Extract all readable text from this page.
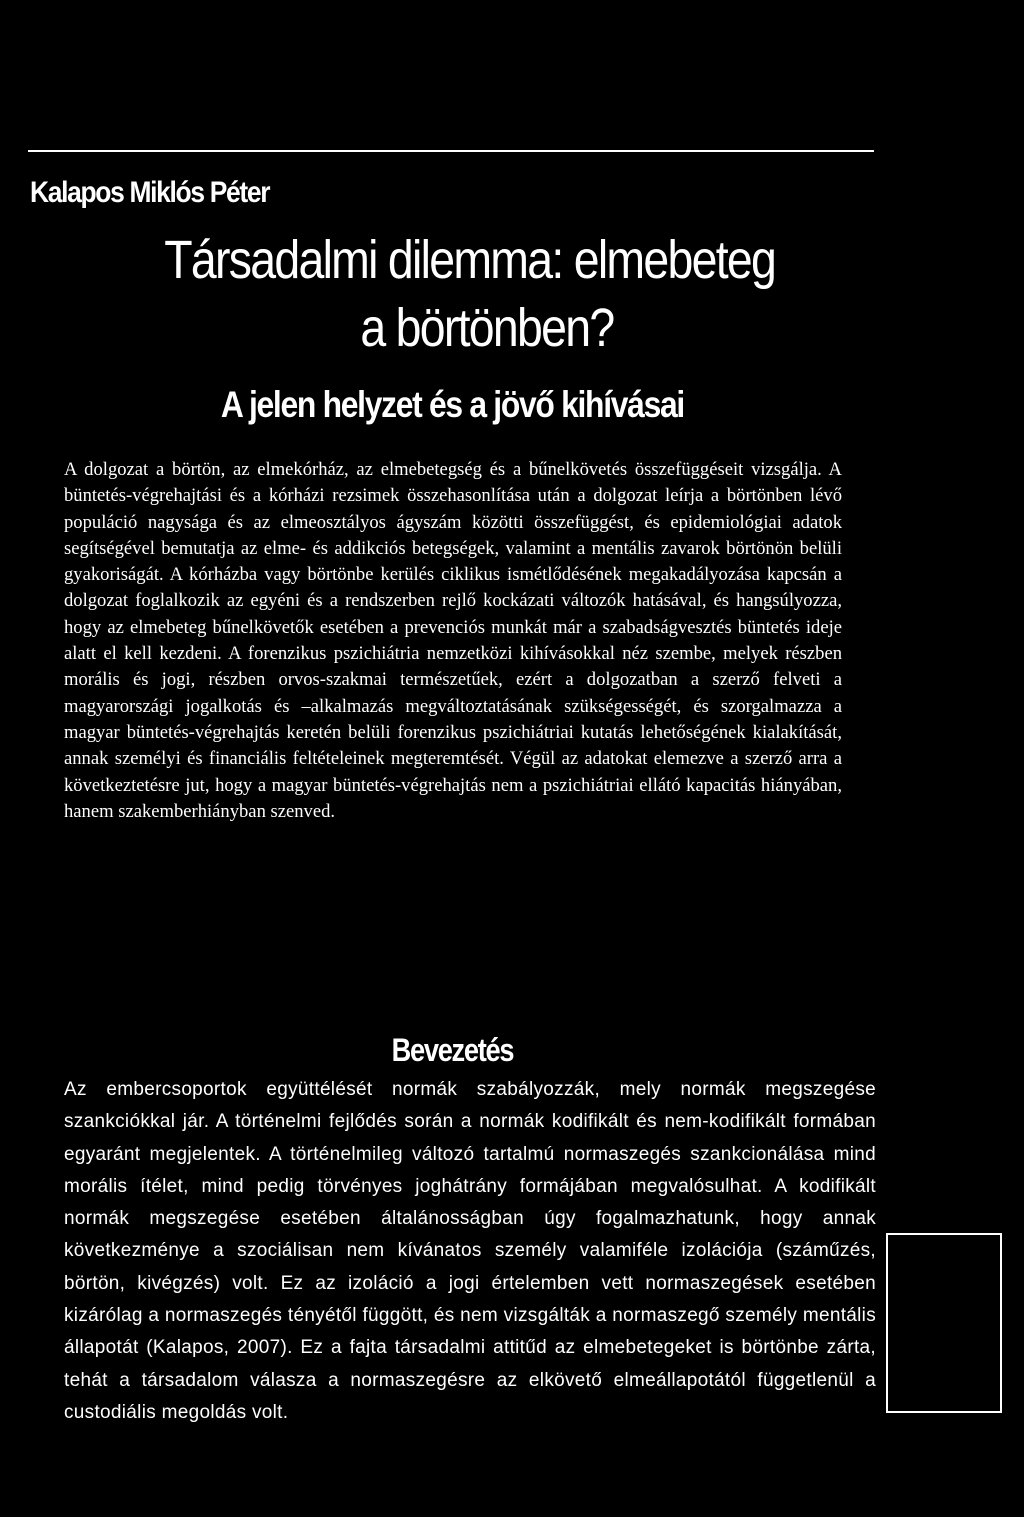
Kalapos Miklós Péter
Társadalmi dilemma: elmebeteg
a börtönben?
A jelen helyzet és a jövő kihívásai

A dolgozat a börtön, az elmekórház, az elmebetegség és a bűnelkövetés összefüggéseit vizsgálja. A büntetés-végrehajtási és a kórházi rezsimek összehasonlítása után a dolgozat leírja a börtönben lévő populáció nagysága és az elmeosztályos ágyszám közötti összefüggést, és epidemiológiai adatok segítségével bemutatja az elme- és addikciós betegségek, valamint a mentális zavarok börtönön belüli gyakoriságát. A kórházba vagy börtönbe kerülés ciklikus ismétlődésének megakadályozása kapcsán a dolgozat foglalkozik az egyéni és a rendszerben rejlő kockázati változók hatásával, és hangsúlyozza, hogy az elmebeteg bűnelkövetők esetében a prevenciós munkát már a szabadságvesztés büntetés ideje alatt el kell kezdeni. A forenzikus pszichiátria nemzetközi kihívásokkal néz szembe, melyek részben morális és jogi, részben orvos-szakmai természetűek, ezért a dolgozatban a szerző felveti a magyarországi jogalkotás és –alkalmazás megváltoztatásának szükségességét, és szorgalmazza a magyar büntetés-végrehajtás keretén belüli forenzikus pszichiátriai kutatás lehetőségének kialakítását, annak személyi és financiális feltételeinek megteremtését. Végül az adatokat elemezve a szerző arra a következtetésre jut, hogy a magyar büntetés-végrehajtás nem a pszichiátriai ellátó kapacitás hiányában, hanem szakemberhiányban szenved.

Bevezetés

Az embercsoportok együttélését normák szabályozzák, mely normák megszegése szankciókkal jár. A történelmi fejlődés során a normák kodifikált és nem-kodifikált formában egyaránt megjelentek. A történelmileg változó tartalmú normaszegés szankcionálása mind morális ítélet, mind pedig törvényes joghátrány formájában megvalósulhat. A kodifikált normák megszegése esetében általánosságban úgy fogalmazhatunk, hogy annak következménye a szociálisan nem kívánatos személy valamiféle izolációja (száműzés, börtön, kivégzés) volt. Ez az izoláció a jogi értelemben vett normaszegések esetében kizárólag a normaszegés tényétől függött, és nem vizsgálták a normaszegő személy mentális állapotát (Kalapos, 2007). Ez a fajta társadalmi attitűd az elmebetegeket is börtönbe zárta, tehát a társadalom válasza a normaszegésre az elkövető elmeállapotától függetlenül a custodiális megoldás volt.
